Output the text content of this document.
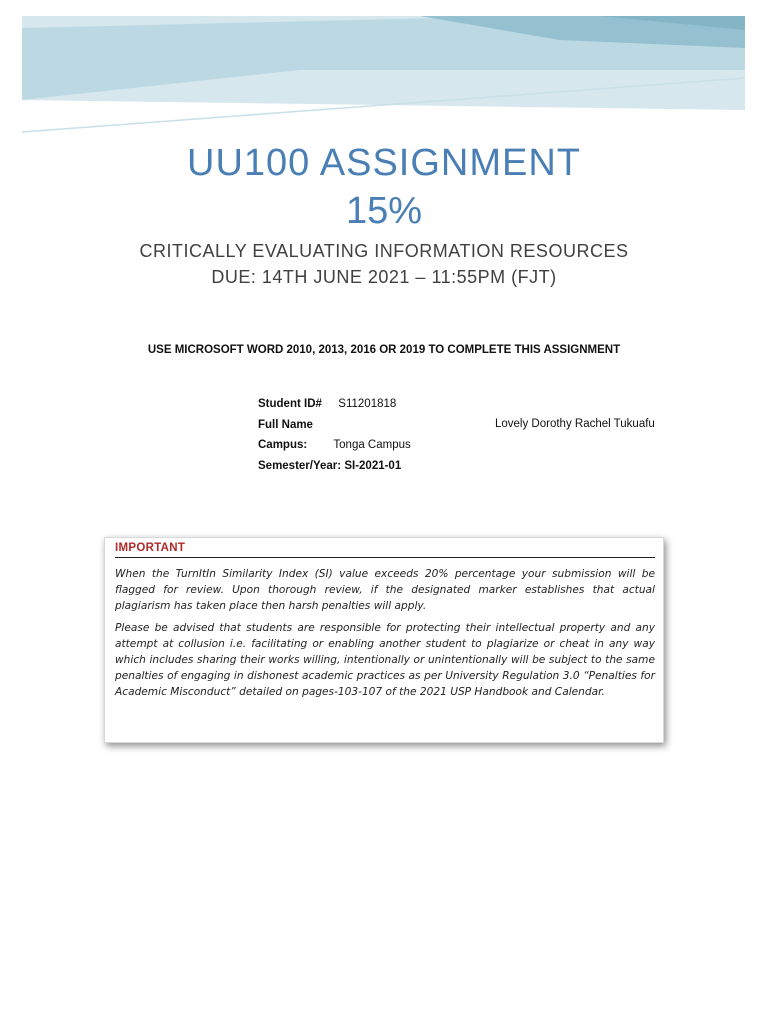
UU100 ASSIGNMENT
15%
CRITICALLY EVALUATING INFORMATION RESOURCES
DUE: 14TH JUNE 2021 – 11:55PM (FJT)
USE MICROSOFT WORD 2010, 2013, 2016 OR 2019 TO COMPLETE THIS ASSIGNMENT
Student ID# S11201818
Full Name	Lovely Dorothy Rachel Tukuafu
Campus: Tonga Campus
Semester/Year: SI-2021-01
IMPORTANT

When the TurnItIn Similarity Index (SI) value exceeds 20% percentage your submission will be flagged for review. Upon thorough review, if the designated marker establishes that actual plagiarism has taken place then harsh penalties will apply.

Please be advised that students are responsible for protecting their intellectual property and any attempt at collusion i.e. facilitating or enabling another student to plagiarize or cheat in any way which includes sharing their works willing, intentionally or unintentionally will be subject to the same penalties of engaging in dishonest academic practices as per University Regulation 3.0 “Penalties for Academic Misconduct” detailed on pages-103-107 of the 2021 USP Handbook and Calendar.
